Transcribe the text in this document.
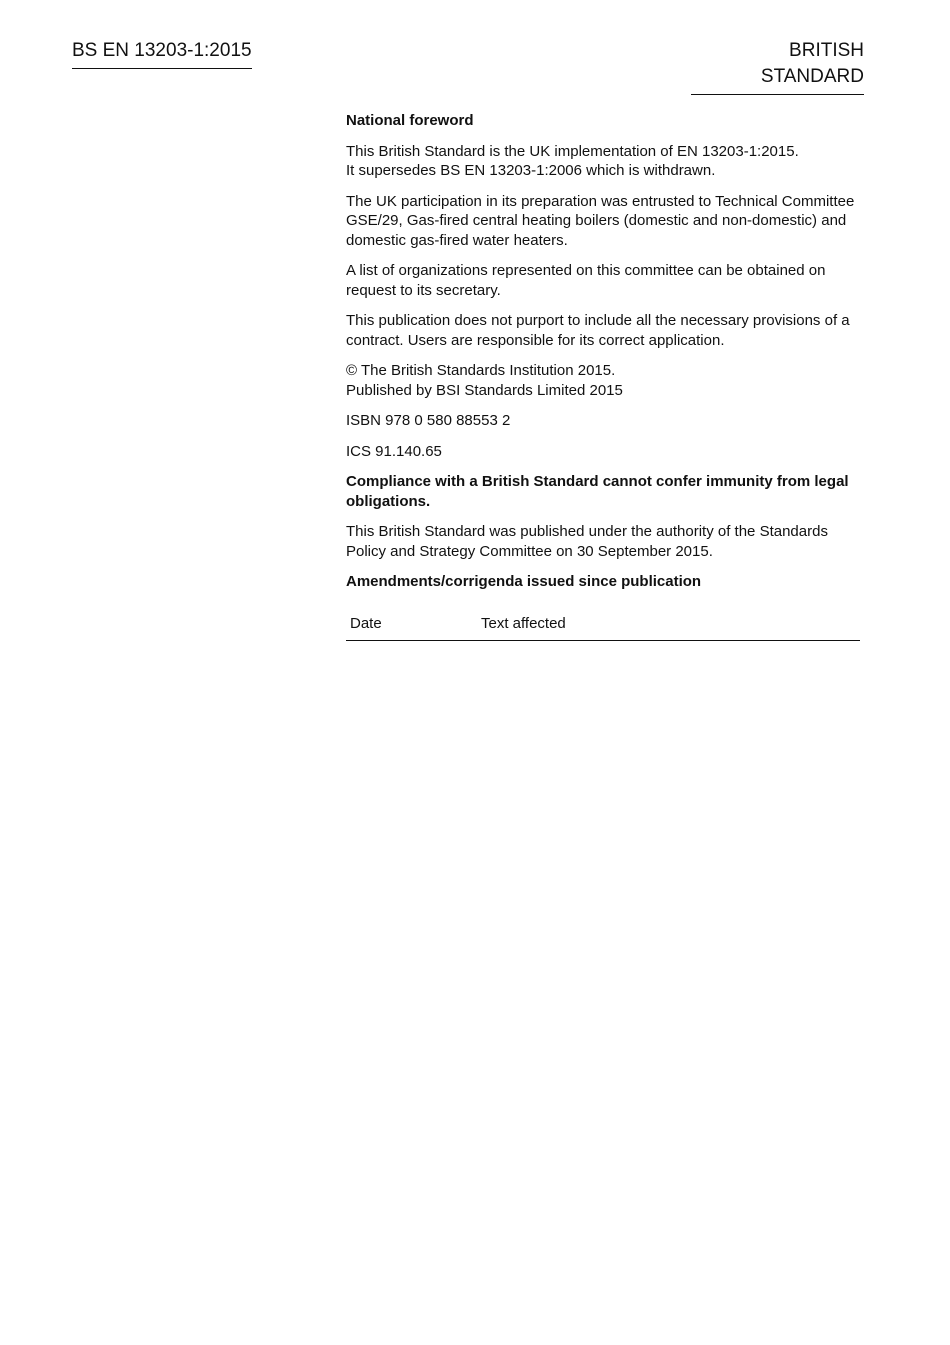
BS EN 13203-1:2015	BRITISH STANDARD

National foreword

This British Standard is the UK implementation of EN 13203-1:2015.
It supersedes BS EN 13203-1:2006 which is withdrawn.

The UK participation in its preparation was entrusted to Technical Committee GSE/29, Gas-fired central heating boilers (domestic and non-domestic) and domestic gas-fired water heaters.

A list of organizations represented on this committee can be obtained on request to its secretary.

This publication does not purport to include all the necessary provisions of a contract. Users are responsible for its correct application.

© The British Standards Institution 2015.
Published by BSI Standards Limited 2015

ISBN 978 0 580 88553 2

ICS 91.140.65

Compliance with a British Standard cannot confer immunity from legal obligations.

This British Standard was published under the authority of the Standards Policy and Strategy Committee on 30 September 2015.

Amendments/corrigenda issued since publication

Date	Text affected
